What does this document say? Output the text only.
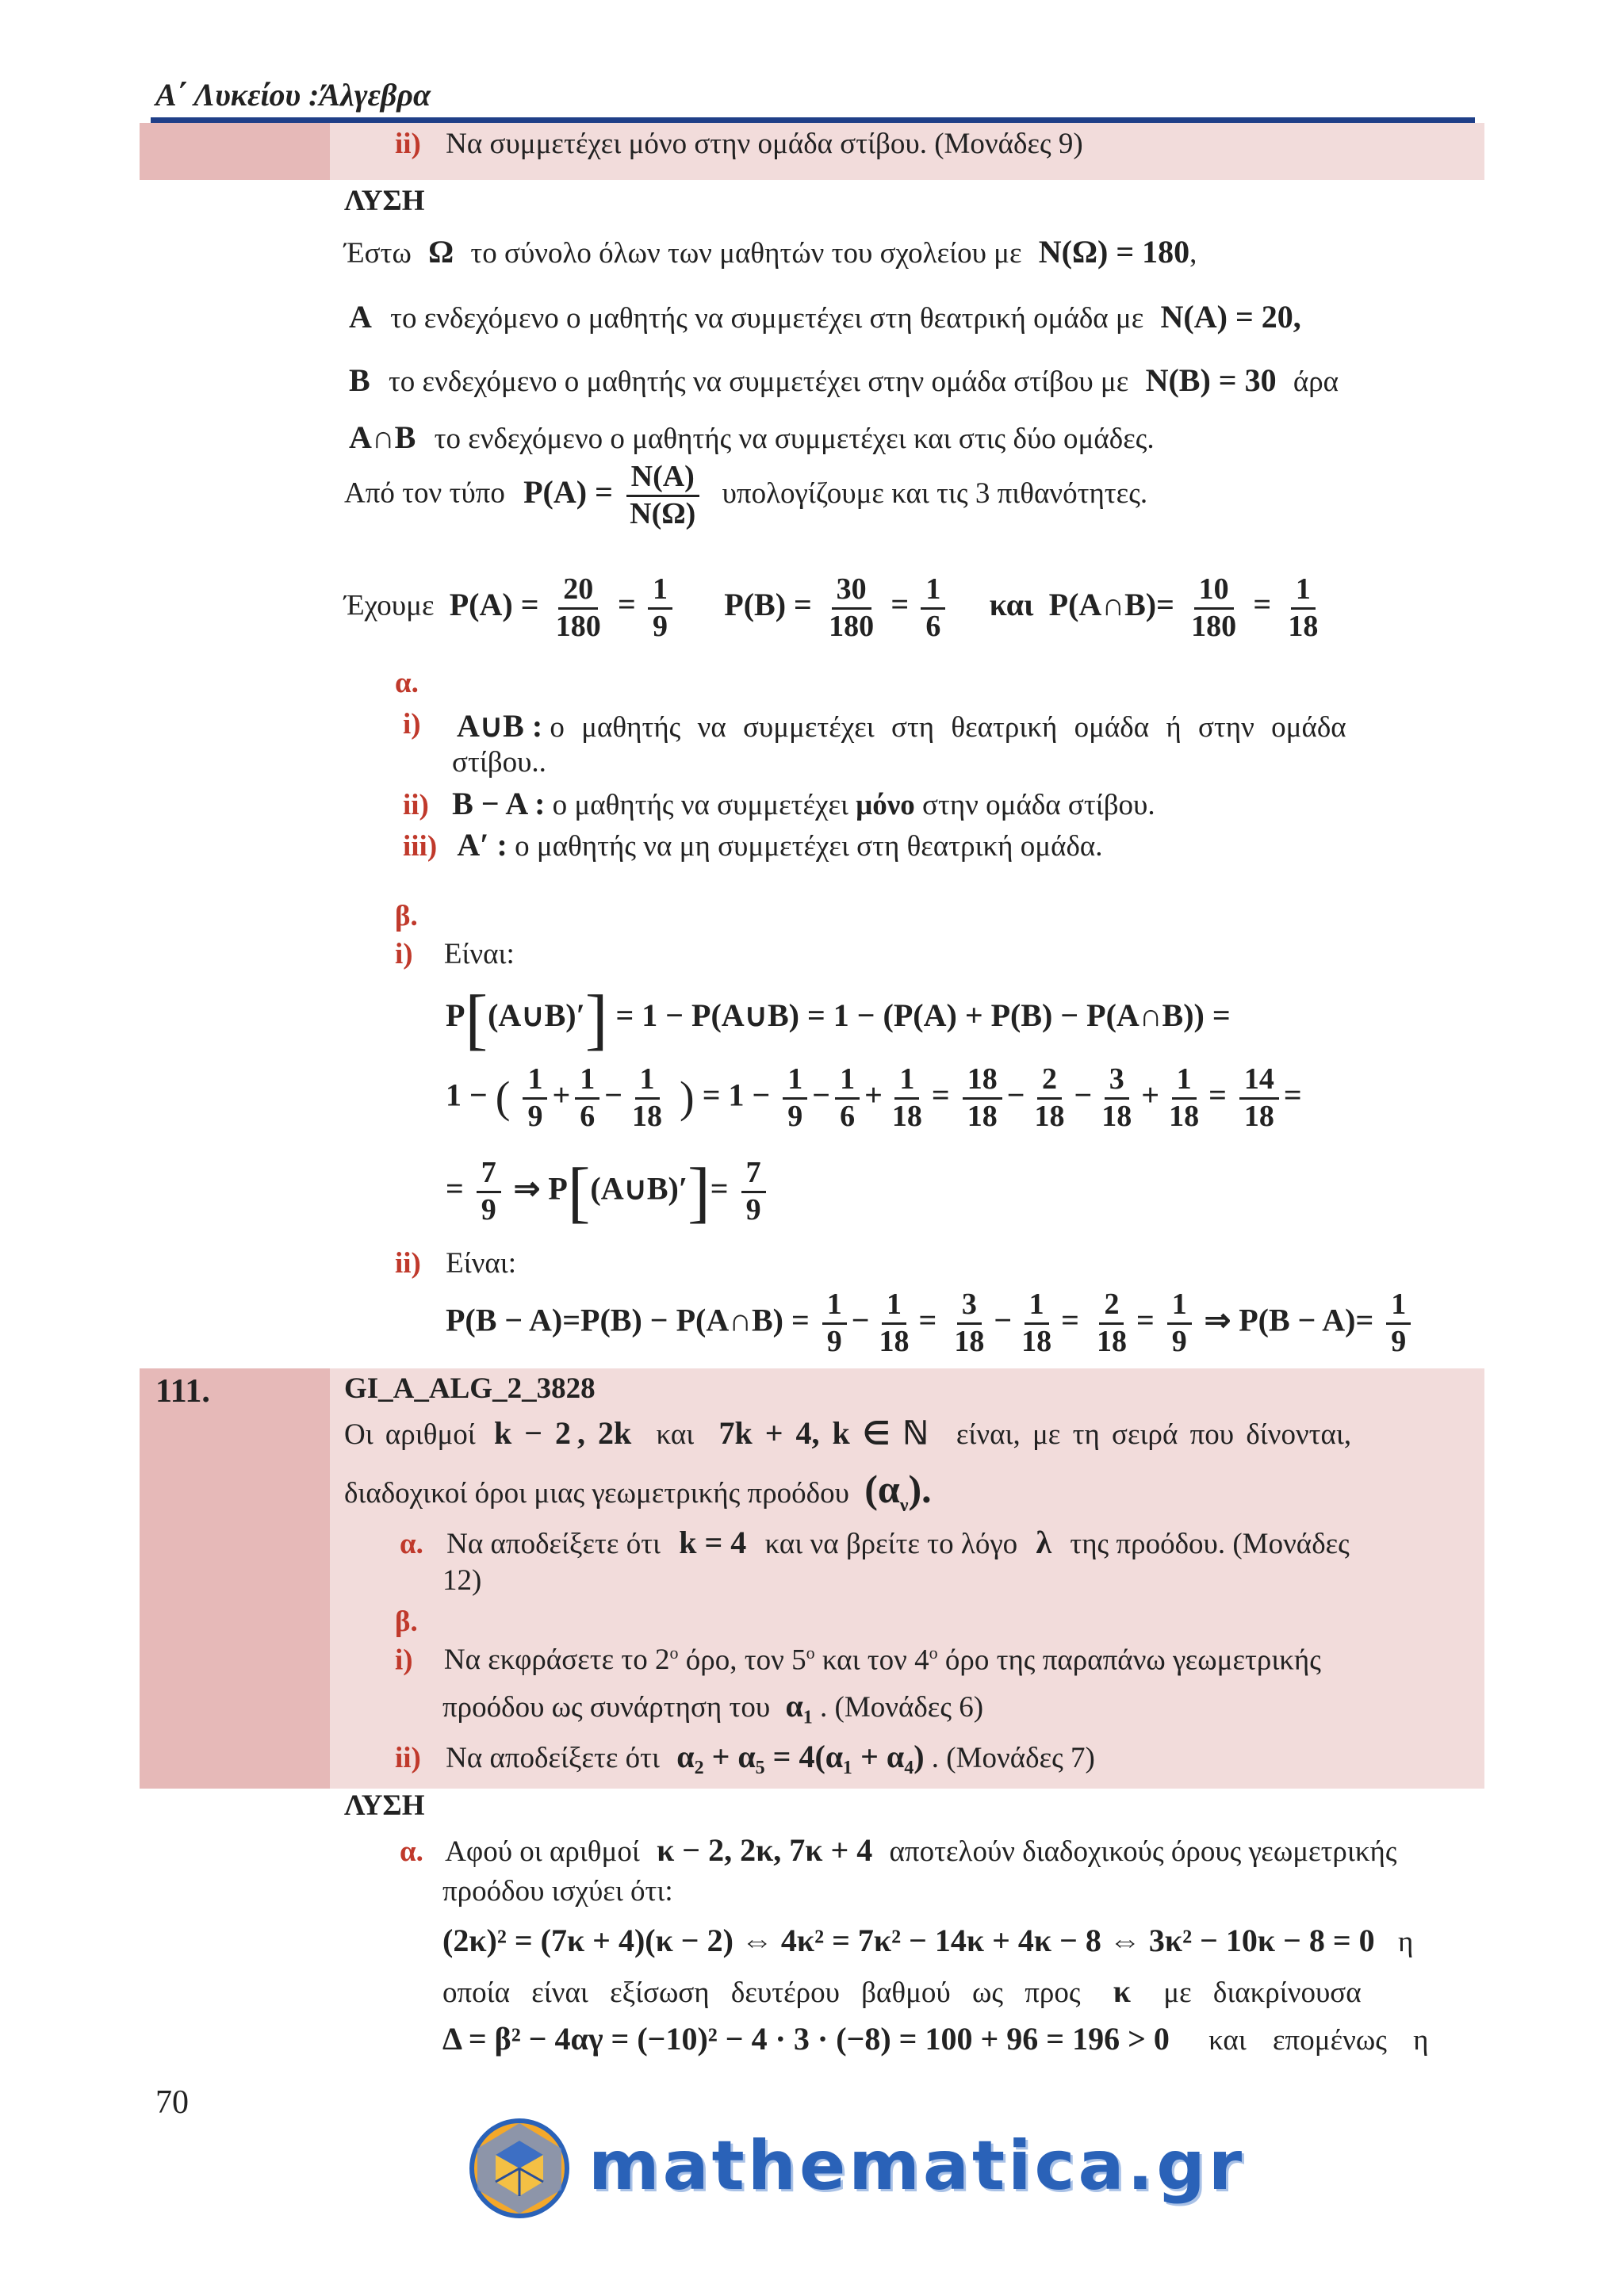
Α΄ Λυκείου :Άλγεβρα
ii) Να συμμετέχει μόνο στην ομάδα στίβου. (Μονάδες 9)
ΛΥΣΗ
Έστω Ω το σύνολο όλων των μαθητών του σχολείου με N(Ω) = 180,
A το ενδεχόμενο ο μαθητής να συμμετέχει στη θεατρική ομάδα με N(A) = 20,
B το ενδεχόμενο ο μαθητής να συμμετέχει στην ομάδα στίβου με N(B) = 30 άρα
A∩B το ενδεχόμενο ο μαθητής να συμμετέχει και στις δύο ομάδες.
Από τον τύπο $P(A) = \frac{N(A)}{N(\Omega)}$ υπολογίζουμε και τις 3 πιθανότητες.
Έχουμε $P(A) = \frac{20}{180} = \frac{1}{9} P(B) = \frac{30}{180} = \frac{1}{6}$ και P(A∩B)= $\frac{10}{180} = \frac{1}{18}$
α.
i) A∪B : ο μαθητής να συμμετέχει στη θεατρική ομάδα ή στην ομάδα
στίβου..
ii) B − A : ο μαθητής να συμμετέχει μόνο στην ομάδα στίβου.
iii) A′ : ο μαθητής να μη συμμετέχει στη θεατρική ομάδα.
β.
i) Είναι:
P[(A∪B)′] = 1 − P(A∪B) = 1 − (P(A) + P(B) − P(A∩B)) =
1 − ( $\frac{1}{9} + \frac{1}{6} - \frac{1}{18}$ ) = $1 - \frac{1}{9} - \frac{1}{6} + \frac{1}{18} = \frac{18}{18} - \frac{2}{18} - \frac{3}{18} + \frac{1}{18} = \frac{14}{18}$ =
= $\frac{7}{9}$ ⇒ P[(A∪B)′]= $\frac{7}{9}$
ii) Είναι:
P(B − A)=P(B) − P(A∩B) = $\frac{1}{9} - \frac{1}{18} = \frac{3}{18} - \frac{1}{18} = \frac{2}{18} = \frac{1}{9}$ ⇒ $P(B - A)= \frac{1}{9}$
111.	GI_A_ALG_2_3828
Οι αριθμοί k − 2 , 2k και 7k + 4, k ∈ ℕ είναι, με τη σειρά που δίνονται,
διαδοχικοί όροι μιας γεωμετρικής προόδου $(\alpha_\nu)$.
α. Να αποδείξετε ότι k = 4 και να βρείτε το λόγο λ της προόδου. (Μονάδες
12)
β.
i) Να εκφράσετε το $2^o$ όρο, τον $5^o$ και τον $4^o$ όρο της παραπάνω γεωμετρικής
προόδου ως συνάρτηση του $\alpha_1$ . (Μονάδες 6)
ii) Να αποδείξετε ότι α₂ + α₅ = 4(α₁ + α₄) . (Μονάδες 7)
ΛΥΣΗ
α. Αφού οι αριθμοί κ − 2, 2κ, 7κ + 4 αποτελούν διαδοχικούς όρους γεωμετρικής
προόδου ισχύει ότι:
(2κ)² = (7κ + 4)(κ − 2) ⇔ 4κ² = 7κ² − 14κ + 4κ − 8 ⇔ 3κ² − 10κ − 8 = 0 η
οποία είναι εξίσωση δευτέρου βαθμού ως προς κ με διακρίνουσα
Δ = β² − 4αγ = (−10)² − 4 · 3 · (−8) = 100 + 96 = 196 > 0 και επομένως η
70
mathematica.gr
